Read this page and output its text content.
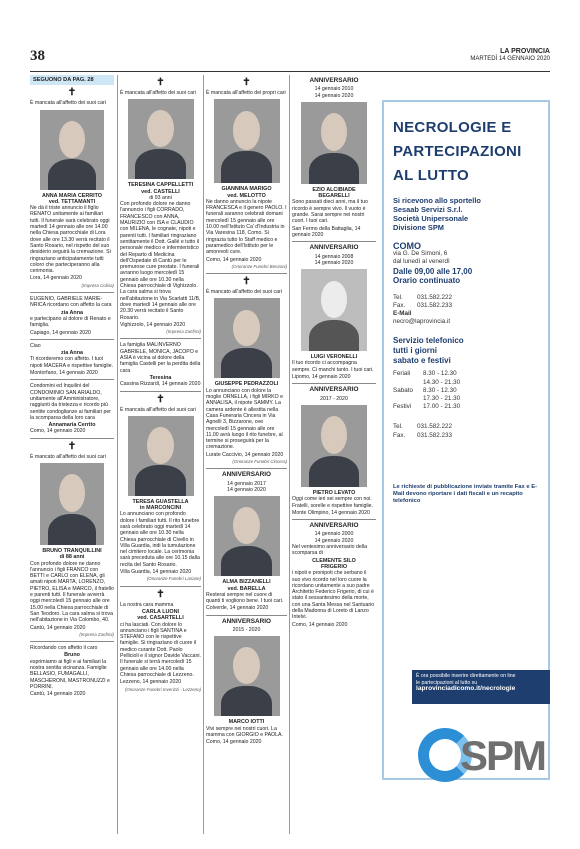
38	LA PROVINCIA
MARTEDÌ 14 GENNAIO 2020
SEGUONO DA PAG. 28
✝

È mancata all'affetto dei suoi cari

ANNA MARIA CERRITO
ved. TETTAMANTI

Ne dà il triste annuncio il figlio RENATO unitamente ai familiari tutti. Il funerale sarà celebrato oggi martedì 14 gennaio alle ore 14.00 nella Chiesa parrocchiale di Lora dove alle ore 13.30 verrà recitato il Santo Rosario, nel rispetto del suo desiderio seguirà la cremazione. Si ringraziano anticipatamente tutti coloro che parteciperanno alla cerimonia.

Lora, 14 gennaio 2020

(Impresa Colina)

EUGENIO, GABRIELE MARIE-NRICA ricordano con affetto la cara

zia Anna

e partecipano al dolore di Renato e famiglia.

Capiago, 14 gennaio 2020

Ciao

zia Anna

Ti ricorderemo con affetto. I tuoi nipoti MACERA e rispettive famiglie.

Montorfano, 14 gennaio 2020

Condomini ed Inquilini del CONDOMINIO SAN ARIALDO, unitamente all'Amministratore, raggiunti da tristezza e ricordo più sentite condoglianze ai familiari per la scomparsa della loro cara

Annamaria Cerrito

Como, 14 gennaio 2020

✝

È mancato all'affetto dei suoi cari

BRUNO TRANQUILLINI
di 88 anni

Con profondo dolore ne danno l'annuncio i figli FRANCO con BETTI e CARLO con ELENA, gli amati nipoti MARTA, LORENZO, PIETRO, ELISA e MARCO, il fratello e parenti tutti. Il funerale avverrà oggi mercoledì 15 gennaio alle ore 15.00 nella Chiesa parrocchiale di San Teodoro. La cara salma si trova nell'abitazione in Via Colombo, 40.

Cantù, 14 gennaio 2020

(Impresa Zanfrini)

Ricordando con affetto il caro

Bruno

esprimiamo ai figli e ai familiari la nostra sentita vicinanza. Famiglie BELLASIO, FUMAGALLI, MASCHERONI, MASTRONUZZI e PORRINI.

Cantù, 14 gennaio 2020

✝

È mancata all'affetto dei suoi cari

TERESINA CAPPELLETTI
ved. CASTELLI
di 93 anni

Con profondo dolore ne danno l'annuncio i figli CORRADO, FRANCESCO con ANNA, MAURIZIO con ISA e CLAUDIO con MILENA, le cognate, nipoti e parenti tutti. I familiari ringraziano sentitamente il Dott. Gallé e tutto il personale medico e infermieristico del Reparto di Medicina dell'Ospedale di Cantù per le premurose cure prestate. I funerali avranno luogo mercoledì 15 gennaio alle ore 10.30 nella Chiesa parrocchiale di Vighizzolo. La cara salma si trova nell'abitazione in Via Scarlatti 11/B, dove martedì 14 gennaio alle ore 20.30 verrà recitato il Santo Rosario.

Vighizzolo, 14 gennaio 2020

(Impresa Zanfrini)

La famiglia MALINVERNO GABRIELE, MONICA, JACOPO e ASIA è vicina al dolore della famiglia Castelli per la perdita della cara

Teresina

Cassina Rizzardi, 14 gennaio 2020

✝

È mancata all'affetto dei suoi cari

TERESA GUASTELLA
in MARCONCINI

Lo annunciano con profondo dolore i familiari tutti. Il rito funebre sarà celebrato oggi martedì 14 gennaio alle ore 10.30 nella Chiesa parrocchiale di Civello in Villa Guardia, indi la tumulazione nel cimitero locale. La cerimonia sarà preceduta alle ore 10.15 dalla recita del Santo Rosario.

Villa Guardia, 14 gennaio 2020

(Onoranze Funebri Lariane)
✝

La nostra cara mamma

CARLA LUONI
ved. CASARTELLI

ci ha lasciati. Con dolore lo annunciano i figli SANTINA e STEFANO con le rispettive famiglie. Si ringraziano di cuore il medico curante Dott. Paolo Pellicioli e il signor Davide Vaccani. Il funerale si terrà mercoledì 15 gennaio alle ore 14.00 nella Chiesa parrocchiale di Lezzeno.

Lezzeno, 14 gennaio 2020

(Onoranze Funebri Inverizzi - Lezzeno)
✝

È mancata all'affetto dei propri cari

GIANNINA MARIGO
ved. MELOTTO

Ne danno annuncio la nipote FRANCESCA e il genero PAOLO. I funerali saranno celebrati domani mercoledì 15 gennaio alle ore 10.00 nell'Istituto Ca' d'Industria in Via Varesina 118, Como. Si ringrazia tutto lo Staff medico e paramedico dell'Istituto per le amorevoli cure.

Como, 14 gennaio 2020

(Onoranze Funebri Benzoni)
✝

È mancato all'affetto dei suoi cari

GIUSEPPE PEDRAZZOLI

Lo annunciano con dolore la moglie ORNELLA, i figli MIRKO e ANNALISA, il nipote SAMMY. La camera ardente è allestita nella Casa Funeraria Cincera in Via Agnelli 3, Bizzarone, ove mercoledì 15 gennaio alle ore 11.00 avrà luogo il rito funebre, al termine si proseguirà per la cremazione.

Lurate Caccivio, 14 gennaio 2020

(Onoranze Funebri Cincera)
ANNIVERSARIO
14 gennaio 2017
14 gennaio 2020
ALMA BIZZANELLI
ved. BARELLA

Resterai sempre nel cuore di quanti ti vogliono bene. I tuoi cari.

Colverde, 14 gennaio 2020

ANNIVERSARIO
2015 - 2020
MARCO IOTTI

Vivi sempre nei nostri cuori. La mamma con GIORGIO e PAOLA.

Como, 14 gennaio 2020

ANNIVERSARIO
14 gennaio 2010
14 gennaio 2020
EZIO ALCIBIADE
BEGARELLI

Sono passati dieci anni, ma il tuo ricordo è sempre vivo. Il vuoto è grande. Sarai sempre nei nostri cuori. I tuoi cari.

San Fermo della Battaglia, 14 gennaio 2020

ANNIVERSARIO
14 gennaio 2008
14 gennaio 2020
LUIGI VERONELLI

Il tuo ricordo ci accompagna sempre. Ci manchi tanto. I tuoi cari.

Lipomo, 14 gennaio 2020

ANNIVERSARIO
2017 - 2020
PIETRO LEVATO

Oggi come ieri sei sempre con noi. Fratelli, sorelle e rispettive famiglie.

Monte Olimpino, 14 gennaio 2020

ANNIVERSARIO
14 gennaio 2000
14 gennaio 2020

Nel ventesimo anniversario della scomparsa di

CLEMENTE SILO
FRIGERIO

i nipoti e pronipoti che serbano il suo vivo ricordo nel loro cuore la ricordano unitamente a suo padre Architetto Federico Frigerio, di cui è stato il sessantesimo della morte, con una Santa Messa nel Santuario della Madonna di Loreto di Lanzo Intelvi.

Como, 14 gennaio 2020

NECROLOGIE E PARTECIPAZIONI AL LUTTO
Si ricevono allo sportello
Sesaab Servizi S.r.l.
Società Unipersonale
Divisione SPM
COMO
via G. De Simoni, 6
dal lunedì al venerdì
Dalle 09,00 alle 17,00
Orario continuato
Tel.	031.582.222
Fax.	031.582.233
E-Mail
necro@laprovincia.it
Servizio telefonico
tutti i giorni
sabato e festivi
Feriali	8.30 - 12.30
14.30 - 21.30
Sabato	8.30 - 12.30
17.30 - 21.30
Festivi	17.00 - 21.30
Tel.	031.582.222
Fax.	031.582.233
Le richieste di pubblicazione inviate tramite Fax e E-Mail devono riportare i dati fiscali e un recapito telefonico
È ora possibile inserire direttamente on line
le partecipazioni al lutto su
laprovinciadicomo.it/necrologie
SPM
